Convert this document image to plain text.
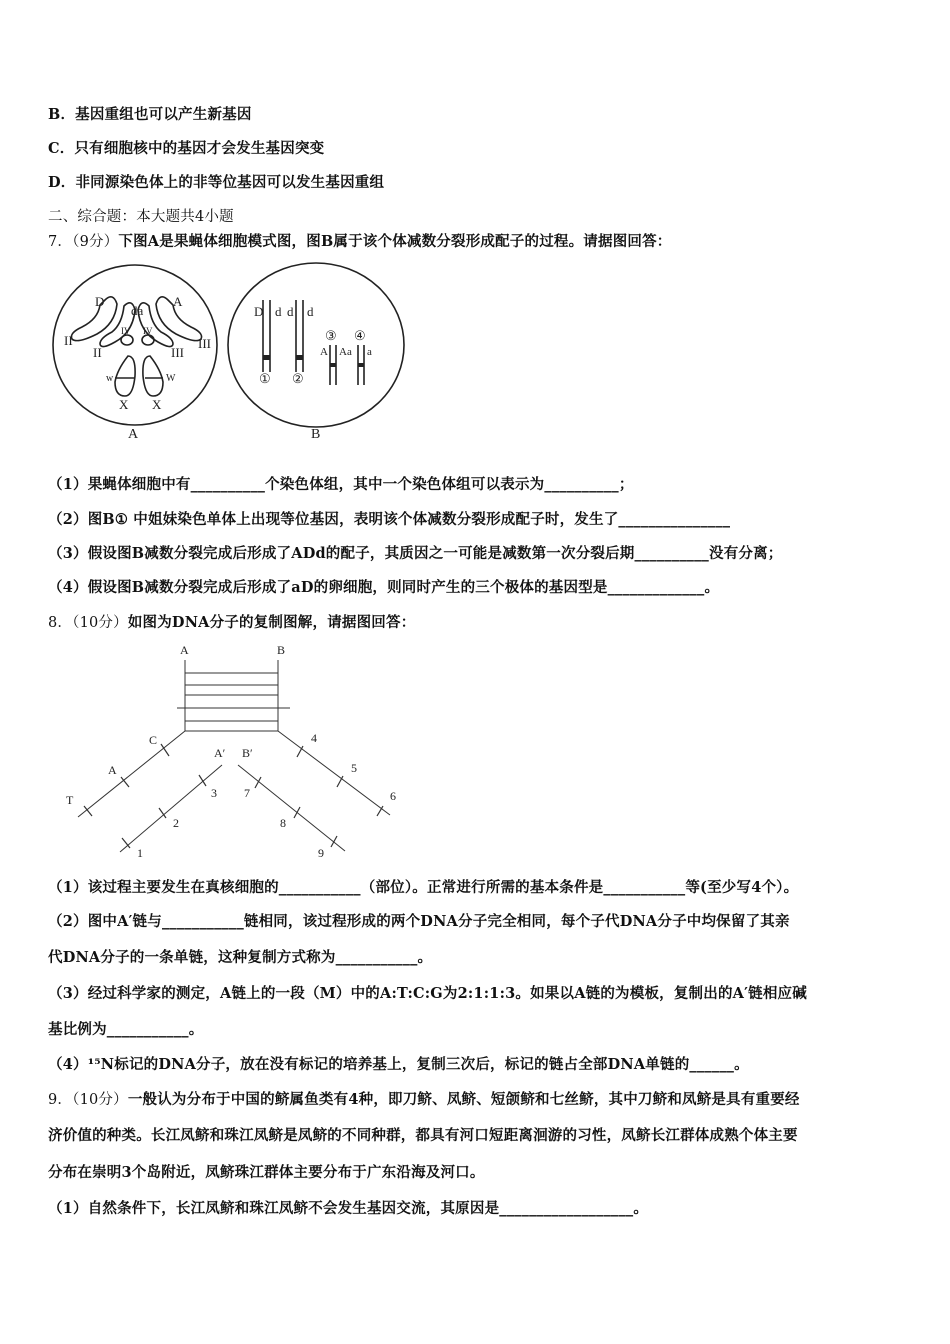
B．基因重组也可以产生新基因
C．只有细胞核中的基因才会发生基因突变
D．非同源染色体上的非等位基因可以发生基因重组
二、综合题：本大题共4小题
7．（9分）下图A是果蝇体细胞模式图，图B属于该个体减数分裂形成配子的过程。请据图回答：
D
da
A
IV IV
II
II	III
III
w	W
X X
D d d d
③ ④
A Aa a
① ②
A	B
A	B
C
A
T	3
2
1
A′ B′
7
8
9
4
5
6
（1）果蝇体细胞中有__________个染色体组，其中一个染色体组可以表示为__________；
（2）图B① 中姐妹染色单体上出现等位基因，表明该个体减数分裂形成配子时，发生了_______________
（3）假设图B减数分裂完成后形成了ADd的配子，其质因之一可能是减数第一次分裂后期__________没有分离；
（4）假设图B减数分裂完成后形成了aD的卵细胞，则同时产生的三个极体的基因型是_____________。
8．（10分）如图为DNA分子的复制图解，请据图回答：
（1）该过程主要发生在真核细胞的___________（部位）。正常进行所需的基本条件是___________等(至少写4个）。
（2）图中A′链与___________链相同，该过程形成的两个DNA分子完全相同，每个子代DNA分子中均保留了其亲
代DNA分子的一条单链，这种复制方式称为___________。
（3）经过科学家的测定，A链上的一段（M）中的A:T:C:G为2:1:1:3。如果以A链的为模板，复制出的A′链相应碱
基比例为___________。
（4）¹⁵N标记的DNA分子，放在没有标记的培养基上，复制三次后，标记的链占全部DNA单链的______。
9．（10分）一般认为分布于中国的鲚属鱼类有4种，即刀鲚、凤鲚、短颌鲚和七丝鲚，其中刀鲚和凤鲚是具有重要经
济价值的种类。长江凤鲚和珠江凤鲚是凤鲚的不同种群，都具有河口短距离洄游的习性，凤鲚长江群体成熟个体主要
分布在崇明3个岛附近，凤鲚珠江群体主要分布于广东沿海及河口。
（1）自然条件下，长江凤鲚和珠江凤鲚不会发生基因交流，其原因是__________________。
